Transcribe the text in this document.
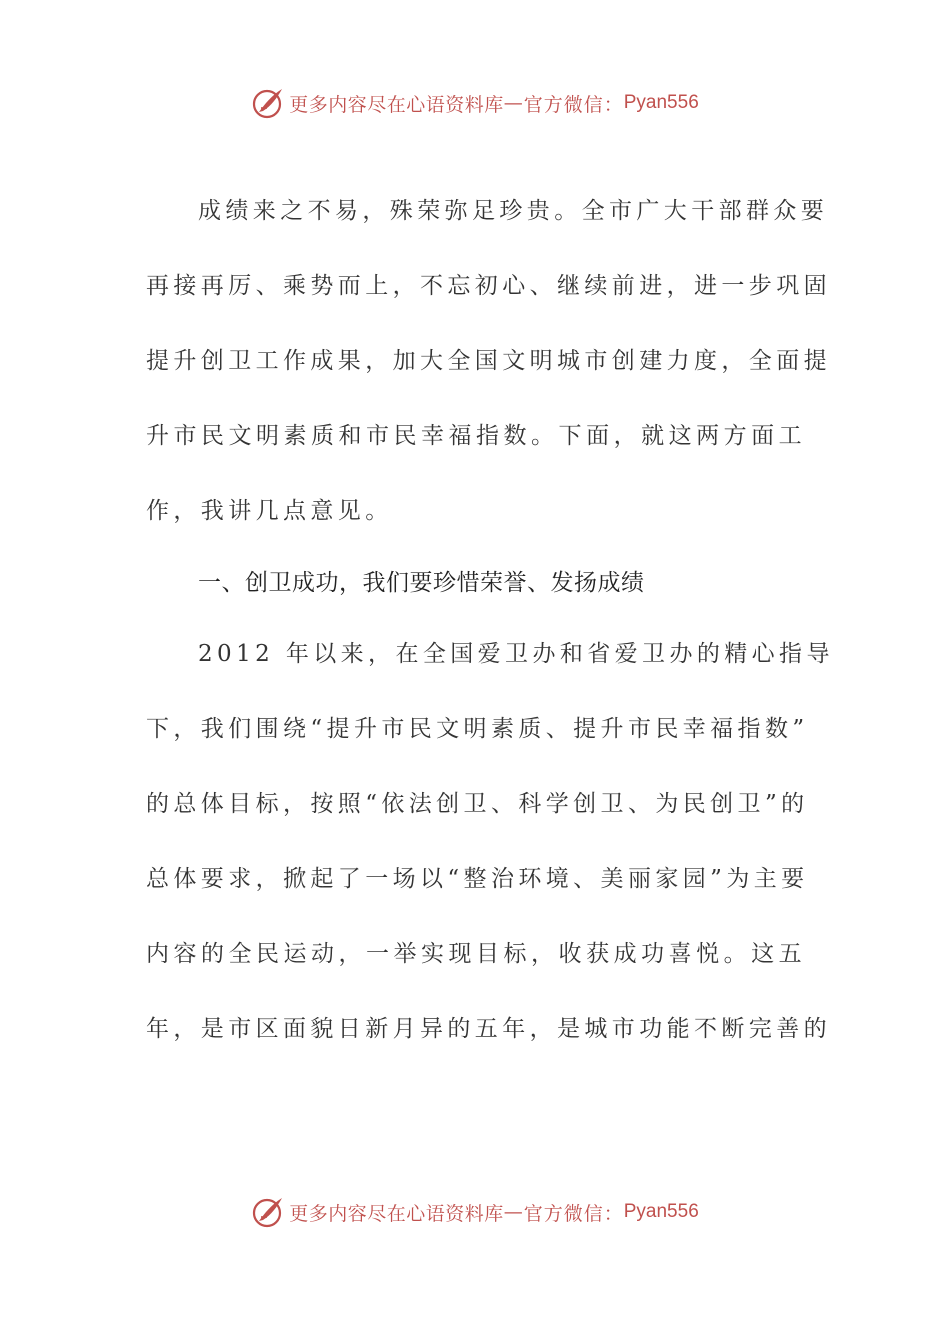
更多内容尽在心语资料库 — 官方微信： Pyan556
成绩来之不易，殊荣弥足珍贵。全市广大干部群众要
再接再厉、乘势而上，不忘初心、继续前进，进一步巩固
提升创卫工作成果，加大全国文明城市创建力度，全面提
升市民文明素质和市民幸福指数。下面，就这两方面工
作，我讲几点意见。
一、创卫成功，我们要珍惜荣誉、发扬成绩
2012 年以来，在全国爱卫办和省爱卫办的精心指导
下，我们围绕“提升市民文明素质、提升市民幸福指数”
的总体目标，按照“依法创卫、科学创卫、为民创卫”的
总体要求，掀起了一场以“整治环境、美丽家园”为主要
内容的全民运动，一举实现目标，收获成功喜悦。这五
年，是市区面貌日新月异的五年，是城市功能不断完善的
更多内容尽在心语资料库 — 官方微信： Pyan556
